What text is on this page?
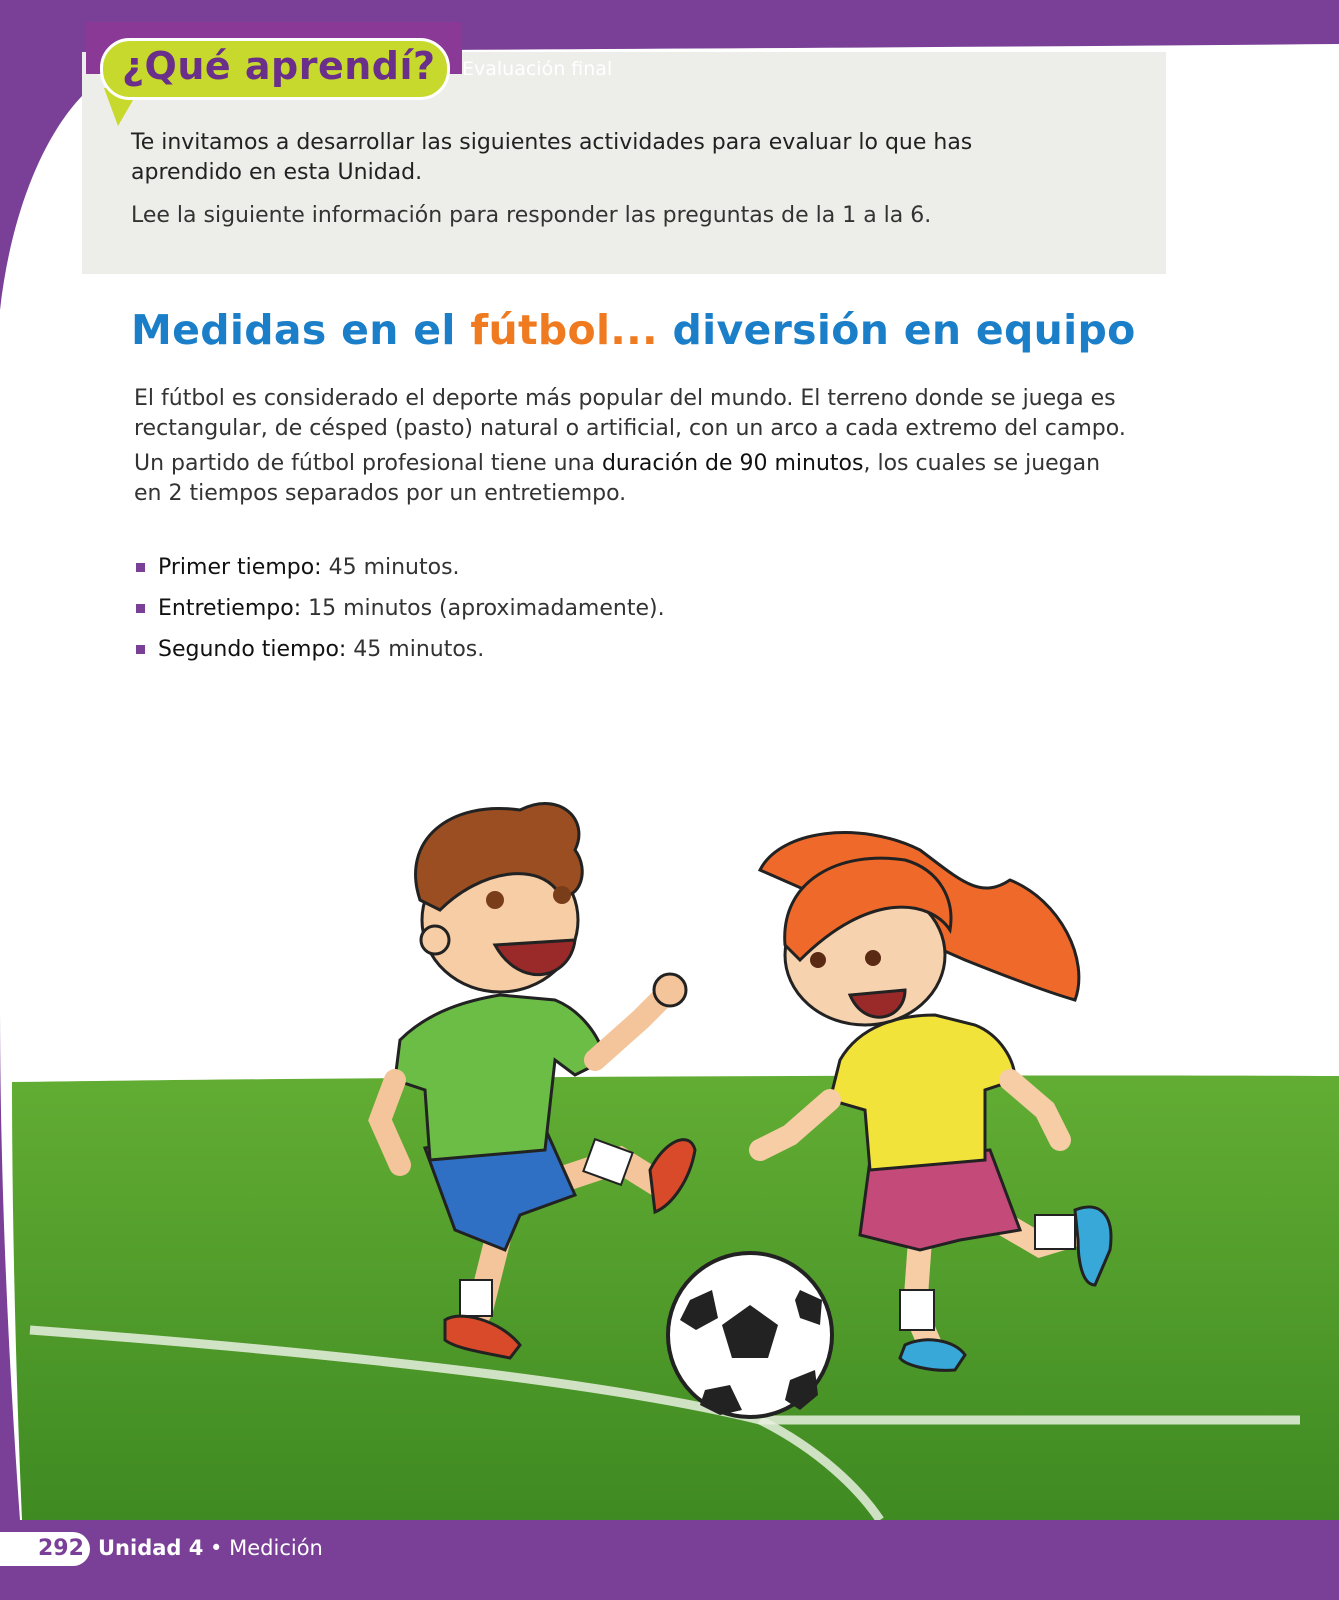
¿Qué aprendí? Evaluación final

Te invitamos a desarrollar las siguientes actividades para evaluar lo que has aprendido en esta Unidad.

Lee la siguiente información para responder las preguntas de la 1 a la 6.

Medidas en el fútbol... diversión en equipo

El fútbol es considerado el deporte más popular del mundo. El terreno donde se juega es rectangular, de césped (pasto) natural o artificial, con un arco a cada extremo del campo.

Un partido de fútbol profesional tiene una duración de 90 minutos, los cuales se juegan en 2 tiempos separados por un entretiempo.

Primer tiempo: 45 minutos.
Entretiempo: 15 minutos (aproximadamente).
Segundo tiempo: 45 minutos.

292 Unidad 4 • Medición
